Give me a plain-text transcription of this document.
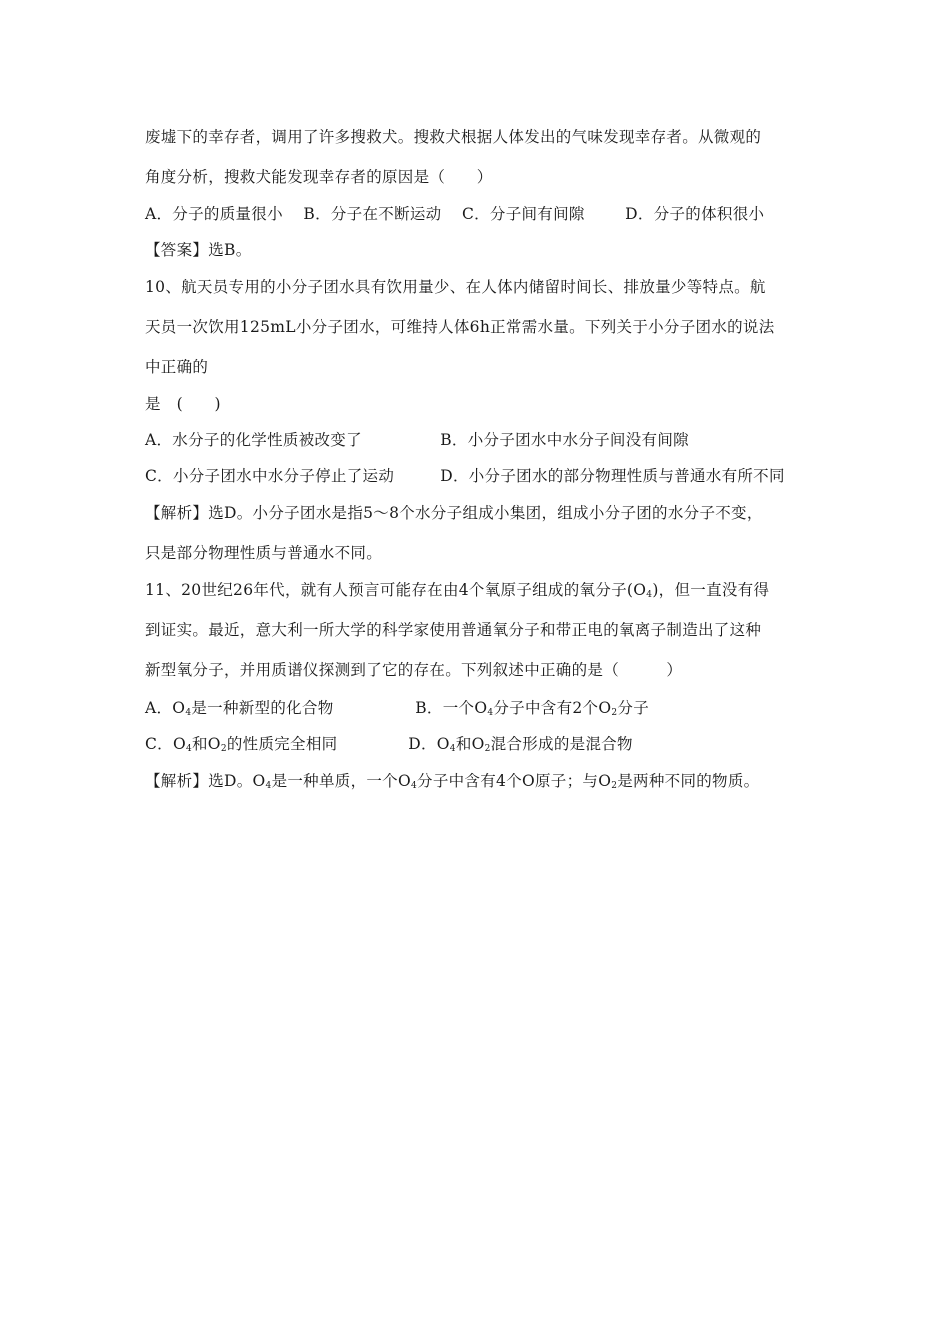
废墟下的幸存者，调用了许多搜救犬。搜救犬根据人体发出的气味发现幸存者。从微观的
角度分析，搜救犬能发现幸存者的原因是（　　）
A．分子的质量很小 B．分子在不断运动 C．分子间有间隙	D．分子的体积很小
【答案】选B。
10、航天员专用的小分子团水具有饮用量少、在人体内储留时间长、排放量少等特点。航
天员一次饮用125mL小分子团水，可维持人体6h正常需水量。下列关于小分子团水的说法
中正确的
是　(　　)
A．水分子的化学性质被改变了	B．小分子团水中水分子间没有间隙
C．小分子团水中水分子停止了运动	D．小分子团水的部分物理性质与普通水有所不同
【解析】选D。小分子团水是指5～8个水分子组成小集团，组成小分子团的水分子不变，
只是部分物理性质与普通水不同。
11、20世纪26年代，就有人预言可能存在由4个氧原子组成的氧分子$(O_4)$，但一直没有得
到证实。最近，意大利一所大学的科学家使用普通氧分子和带正电的氧离子制造出了这种
新型氧分子，并用质谱仪探测到了它的存在。下列叙述中正确的是（　　　）
A．$O_4$是一种新型的化合物	B．一个$O_4$分子中含有2个$O_2$分子
C．$O_4$和$O_2$的性质完全相同	D．$O_4$和$O_2$混合形成的是混合物
【解析】选D。$O_4$是一种单质，一个$O_4$分子中含有4个O原子；与$O_2$是两种不同的物质。
